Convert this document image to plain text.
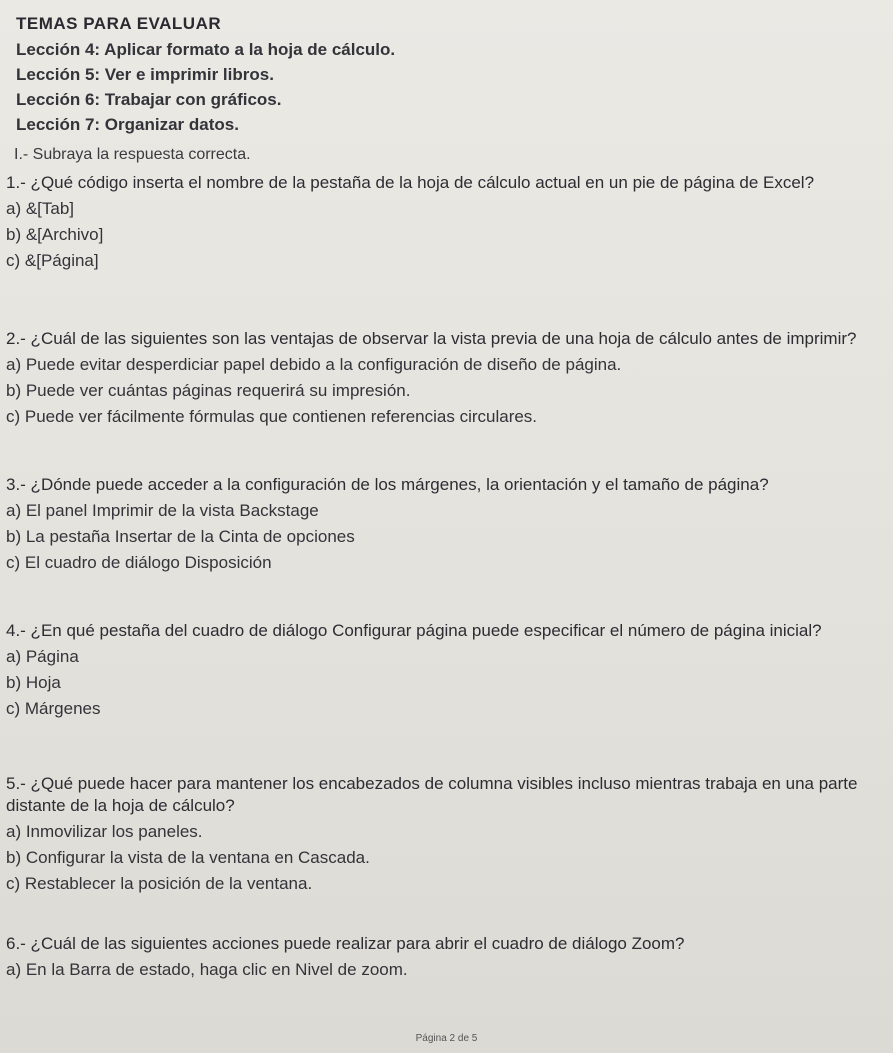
TEMAS PARA EVALUAR
Lección 4: Aplicar formato a la hoja de cálculo.
Lección 5: Ver e imprimir libros.
Lección 6: Trabajar con gráficos.
Lección 7: Organizar datos.
I.- Subraya la respuesta correcta.
1.- ¿Qué código inserta el nombre de la pestaña de la hoja de cálculo actual en un pie de página de Excel?
a) &[Tab]
b) &[Archivo]
c) &[Página]
2.- ¿Cuál de las siguientes son las ventajas de observar la vista previa de una hoja de cálculo antes de imprimir?
a) Puede evitar desperdiciar papel debido a la configuración de diseño de página.
b) Puede ver cuántas páginas requerirá su impresión.
c) Puede ver fácilmente fórmulas que contienen referencias circulares.
3.- ¿Dónde puede acceder a la configuración de los márgenes, la orientación y el tamaño de página?
a) El panel Imprimir de la vista Backstage
b) La pestaña Insertar de la Cinta de opciones
c) El cuadro de diálogo Disposición
4.- ¿En qué pestaña del cuadro de diálogo Configurar página puede especificar el número de página inicial?
a) Página
b) Hoja
c) Márgenes
5.- ¿Qué puede hacer para mantener los encabezados de columna visibles incluso mientras trabaja en una parte distante de la hoja de cálculo?
a) Inmovilizar los paneles.
b) Configurar la vista de la ventana en Cascada.
c) Restablecer la posición de la ventana.
6.- ¿Cuál de las siguientes acciones puede realizar para abrir el cuadro de diálogo Zoom?
a) En la Barra de estado, haga clic en Nivel de zoom.
Página 2 de 5
